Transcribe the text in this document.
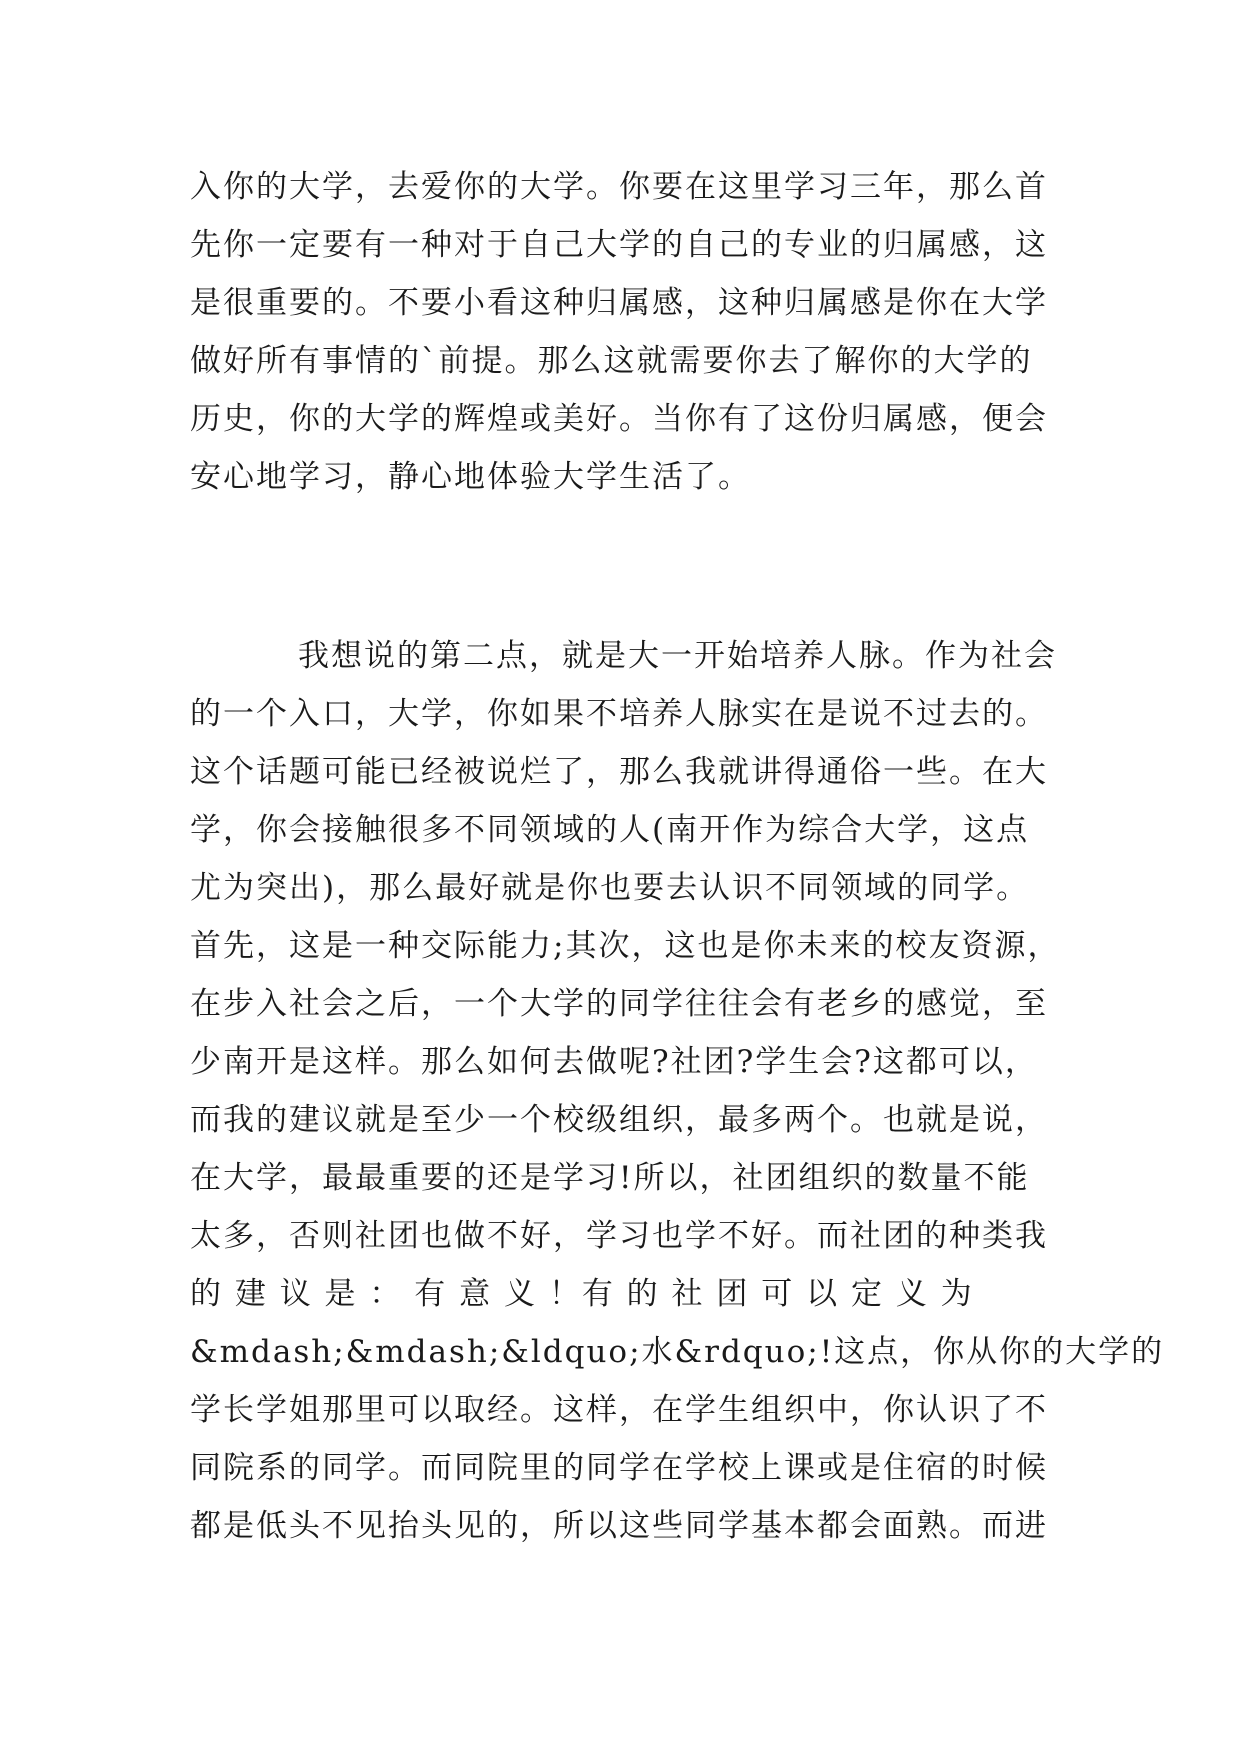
入你的大学，去爱你的大学。你要在这里学习三年，那么首
先你一定要有一种对于自己大学的自己的专业的归属感，这
是很重要的。不要小看这种归属感，这种归属感是你在大学
做好所有事情的`前提。那么这就需要你去了解你的大学的
历史，你的大学的辉煌或美好。当你有了这份归属感，便会
安心地学习，静心地体验大学生活了。
我想说的第二点，就是大一开始培养人脉。作为社会
的一个入口，大学，你如果不培养人脉实在是说不过去的。
这个话题可能已经被说烂了，那么我就讲得通俗一些。在大
学，你会接触很多不同领域的人(南开作为综合大学，这点
尤为突出)，那么最好就是你也要去认识不同领域的同学。
首先，这是一种交际能力;其次，这也是你未来的校友资源，
在步入社会之后，一个大学的同学往往会有老乡的感觉，至
少南开是这样。那么如何去做呢?社团?学生会?这都可以，
而我的建议就是至少一个校级组织，最多两个。也就是说，
在大学，最最重要的还是学习!所以，社团组织的数量不能
太多，否则社团也做不好，学习也学不好。而社团的种类我
的 建 议 是 ： 有 意 义 ！有 的 社 团 可 以 定 义 为
&mdash;&mdash;&ldquo;水&rdquo;!这点，你从你的大学的
学长学姐那里可以取经。这样，在学生组织中，你认识了不
同院系的同学。而同院里的同学在学校上课或是住宿的时候
都是低头不见抬头见的，所以这些同学基本都会面熟。而进
